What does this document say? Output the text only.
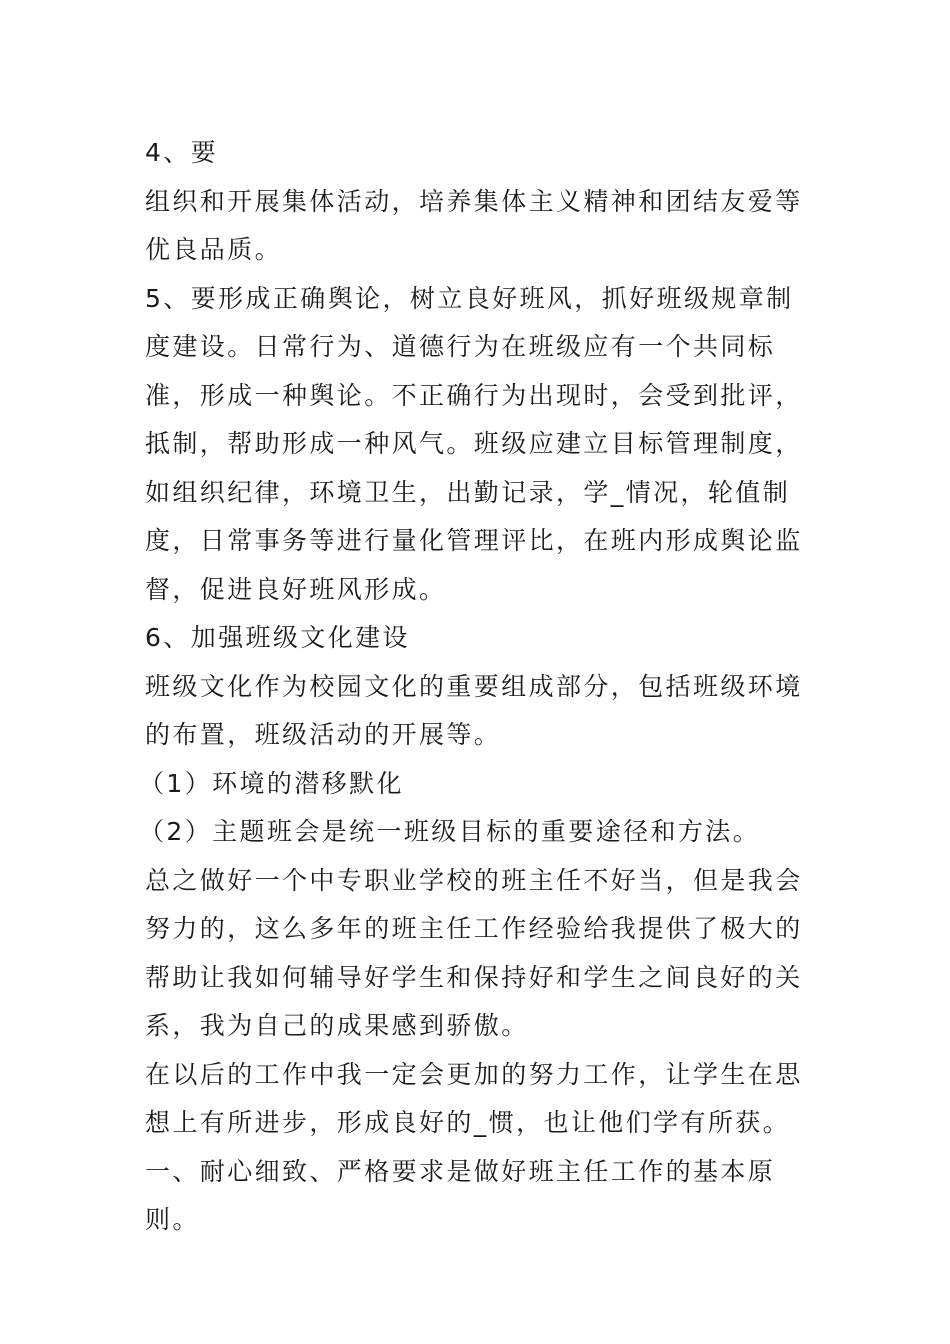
4、要

组织和开展集体活动，培养集体主义精神和团结友爱等优良品质。

5、要形成正确舆论，树立良好班风，抓好班级规章制度建设。日常行为、道德行为在班级应有一个共同标准，形成一种舆论。不正确行为出现时，会受到批评，抵制，帮助形成一种风气。班级应建立目标管理制度，如组织纪律，环境卫生，出勤记录，学_情况，轮值制度，日常事务等进行量化管理评比，在班内形成舆论监督，促进良好班风形成。

6、加强班级文化建设

班级文化作为校园文化的重要组成部分，包括班级环境的布置，班级活动的开展等。

（1）环境的潜移默化

（2）主题班会是统一班级目标的重要途径和方法。

总之做好一个中专职业学校的班主任不好当，但是我会努力的，这么多年的班主任工作经验给我提供了极大的帮助让我如何辅导好学生和保持好和学生之间良好的关系，我为自己的成果感到骄傲。

在以后的工作中我一定会更加的努力工作，让学生在思想上有所进步，形成良好的_惯，也让他们学有所获。

一、耐心细致、严格要求是做好班主任工作的基本原则。
